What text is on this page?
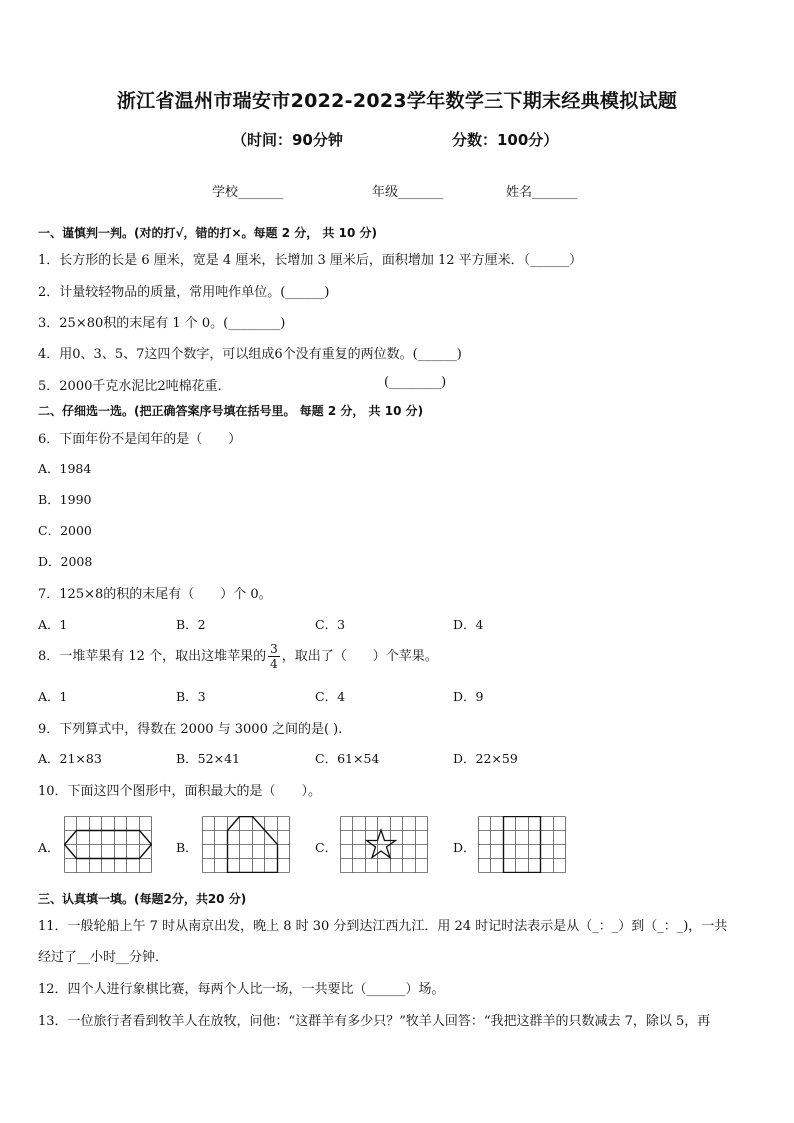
浙江省温州市瑞安市2022-2023学年数学三下期末经典模拟试题
（时间：90分钟	分数：100分）
学校_______	年级_______	姓名_______
一、谨慎判一判。(对的打√，错的打×。每题 2 分， 共 10 分)
1．长方形的长是 6 厘米，宽是 4 厘米，长增加 3 厘米后，面积增加 12 平方厘米．（______）
2．计量较轻物品的质量，常用吨作单位。(______)
3．25×80积的末尾有 1 个 0。(________)
4．用0、3、5、7这四个数字，可以组成6个没有重复的两位数。(______)
5．2000千克水泥比2吨棉花重．	(________)
二、仔细选一选。(把正确答案序号填在括号里。 每题 2 分， 共 10 分)
6．下面年份不是闰年的是（　　）
A．1984
B．1990
C．2000
D．2008
7．125×8的积的末尾有（　　）个 0。
A．1	B．2	C．3	D．4
8．一堆苹果有 12 个，取出这堆苹果的 $\frac{3}{4}$ ，取出了（　　）个苹果。
A．1	B．3	C．4	D．9
9．下列算式中，得数在 2000 与 3000 之间的是( ).
A．21×83	B．52×41	C．61×54	D．22×59
10．下面这四个图形中，面积最大的是（　　）。
A．	B．	C．	D．
三、认真填一填。(每题2分，共20 分)
11．一般轮船上午 7 时从南京出发，晚上 8 时 30 分到达江西九江．用 24 时记时法表示是从（_：_）到（_：_)，一共
经过了__小时__分钟．
12．四个人进行象棋比赛，每两个人比一场，一共要比（______）场。
13．一位旅行者看到牧羊人在放牧，问他：“这群羊有多少只？”牧羊人回答：“我把这群羊的只数减去 7，除以 5，再
